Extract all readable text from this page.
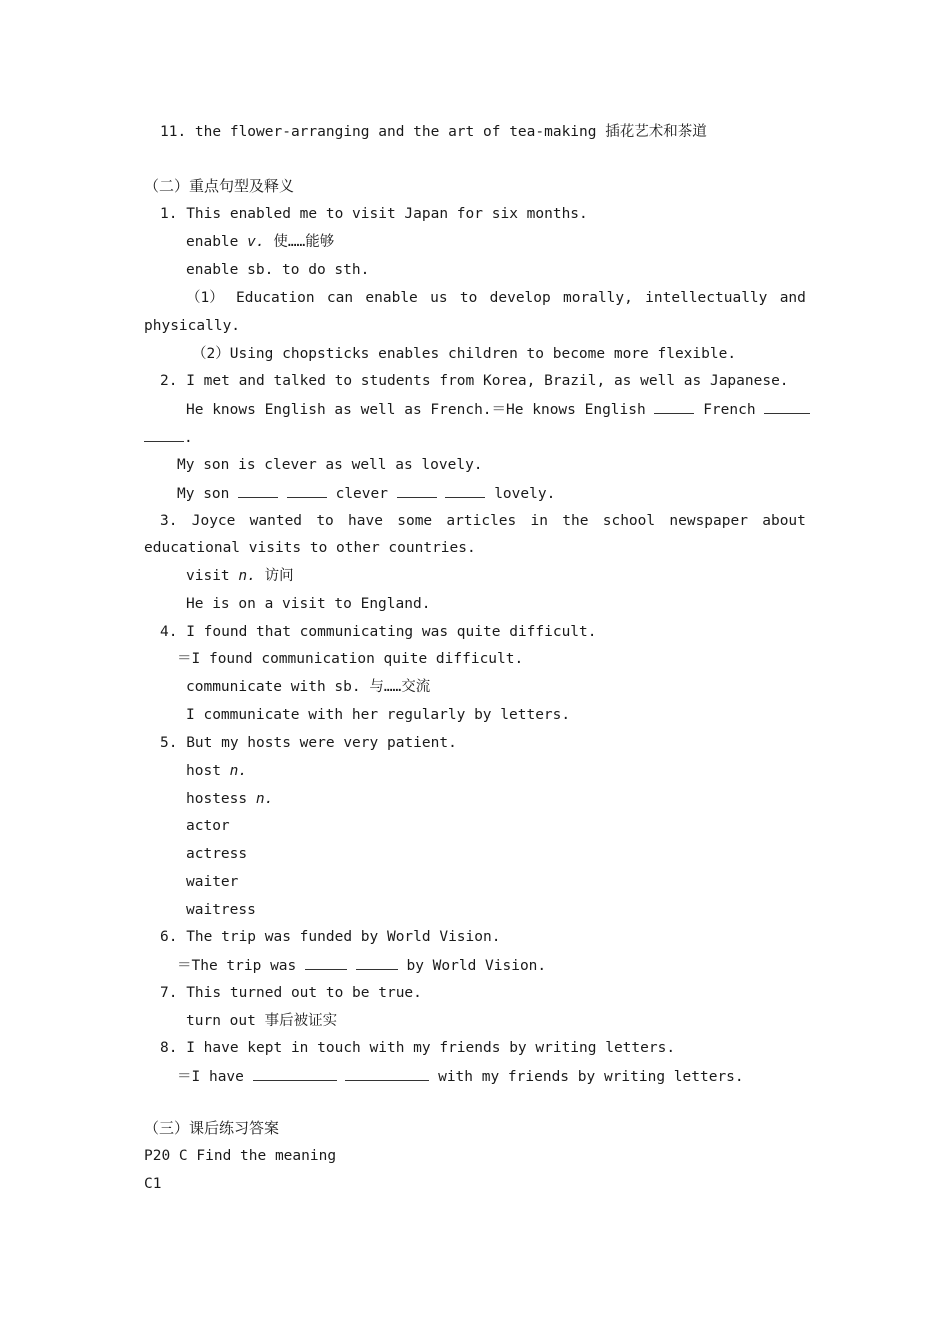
11. the flower-arranging and the art of tea-making 插花艺术和茶道
（二）重点句型及释义
1. This enabled me to visit Japan for six months.
enable v. 使……能够
enable sb. to do sth.
（1） Education can enable us to develop morally, intellectually and
physically.
（2）Using chopsticks enables children to become more flexible.
2. I met and talked to students from Korea, Brazil, as well as Japanese.
He knows English as well as French.＝He knows English	French
.
My son is clever as well as lovely.
My son	clever	lovely.
3. Joyce wanted to have some articles in the school newspaper about
educational visits to other countries.
visit n. 访问
He is on a visit to England.
4. I found that communicating was quite difficult.
＝I found communication quite difficult.
communicate with sb. 与……交流
I communicate with her regularly by letters.
5. But my hosts were very patient.
host n.
hostess n.
actor
actress
waiter
waitress
6. The trip was funded by World Vision.
＝The trip was	by World Vision.
7. This turned out to be true.
turn out 事后被证实
8. I have kept in touch with my friends by writing letters.
＝I have	with my friends by writing letters.
（三）课后练习答案
P20 C Find the meaning
C1
